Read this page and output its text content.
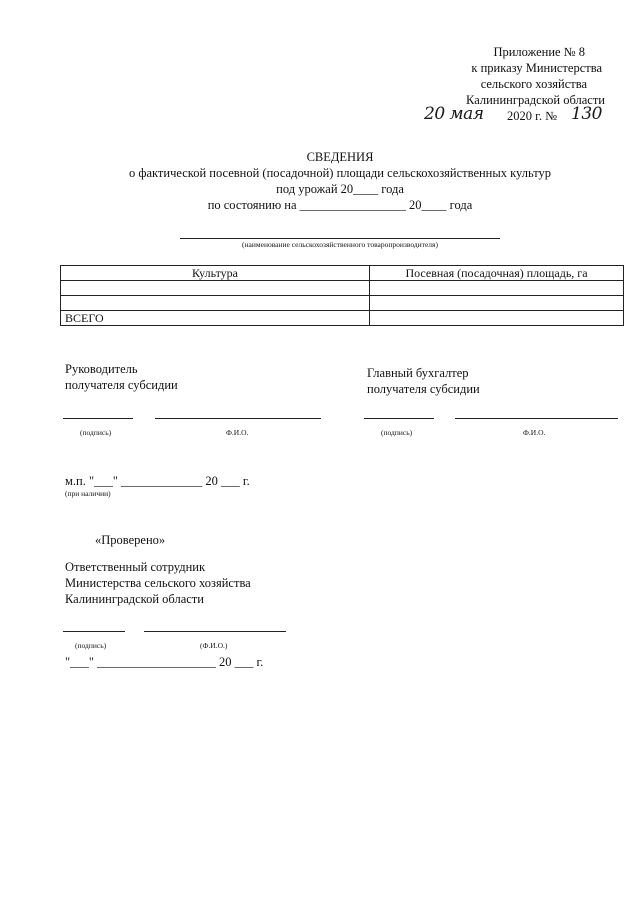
Приложение № 8
к приказу Министерства
сельского хозяйства
Калининградской области
20 мая 2020 г. № 130
СВЕДЕНИЯ
о фактической посевной (посадочной) площади сельскохозяйственных культур
под урожай 20____ года
по состоянию на _________________ 20____ года
(наименование сельскохозяйственного товаропроизводителя)
Культура	Посевная (посадочная) площадь, га

ВСЕГО	
Руководитель
получателя субсидии
(подпись)	Ф.И.О.
Главный бухгалтер
получателя субсидии
(подпись)	Ф.И.О.
м.п. "___" _____________ 20 ___ г.
(при наличии)
«Проверено»
Ответственный сотрудник
Министерства сельского хозяйства
Калининградской области
(подпись)	(Ф.И.О.)
"___" ___________________ 20 ___ г.
